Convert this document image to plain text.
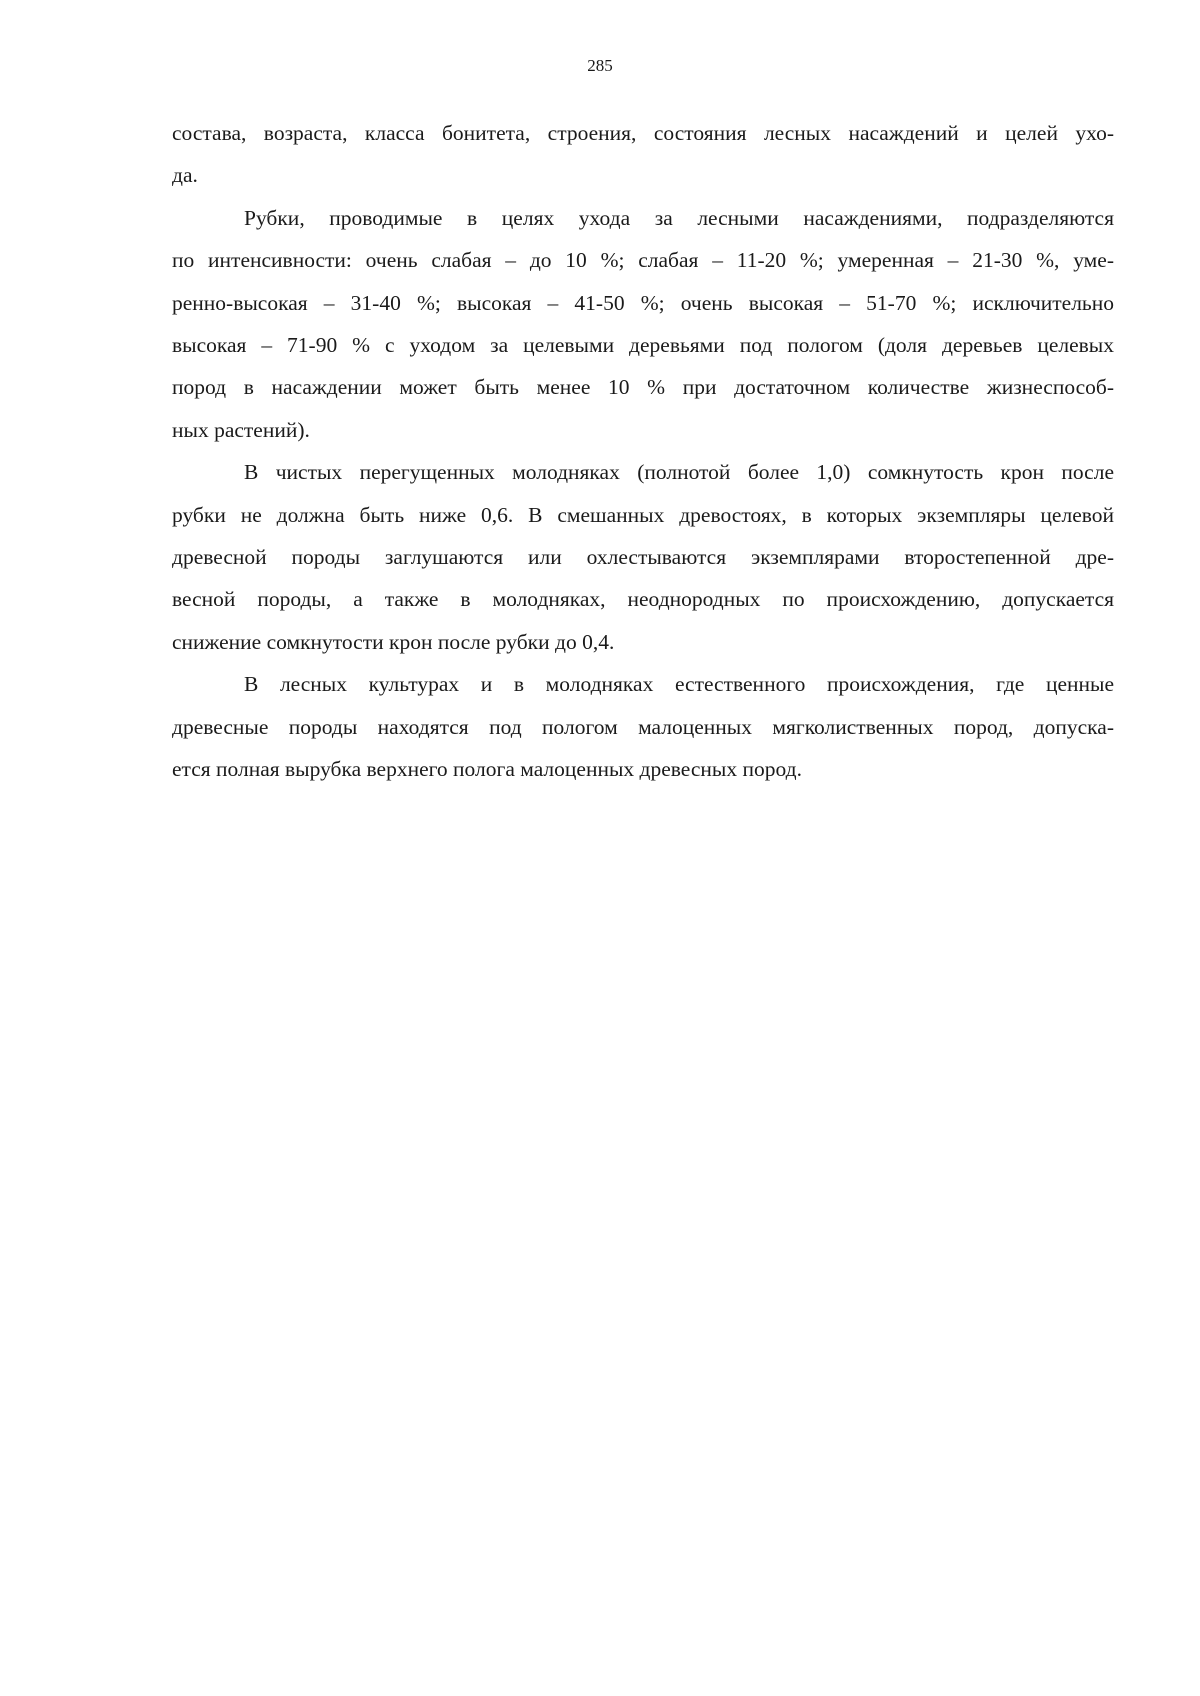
285
состава, возраста, класса бонитета, строения, состояния лесных насаждений и целей ухо-
да.
Рубки, проводимые в целях ухода за лесными насаждениями, подразделяются
по интенсивности: очень слабая – до 10 %; слабая – 11-20 %; умеренная – 21-30 %, уме-
ренно-высокая – 31-40 %; высокая – 41-50 %; очень высокая – 51-70 %; исключительно
высокая – 71-90 % с уходом за целевыми деревьями под пологом (доля деревьев целевых
пород в насаждении может быть менее 10 % при достаточном количестве жизнеспособ-
ных растений).
В чистых перегущенных молодняках (полнотой более 1,0) сомкнутость крон после
рубки не должна быть ниже 0,6. В смешанных древостоях, в которых экземпляры целевой
древесной породы заглушаются или охлестываются экземплярами второстепенной дре-
весной породы, а также в молодняках, неоднородных по происхождению, допускается
снижение сомкнутости крон после рубки до 0,4.
В лесных культурах и в молодняках естественного происхождения, где ценные
древесные породы находятся под пологом малоценных мягколиственных пород, допуска-
ется полная вырубка верхнего полога малоценных древесных пород.
